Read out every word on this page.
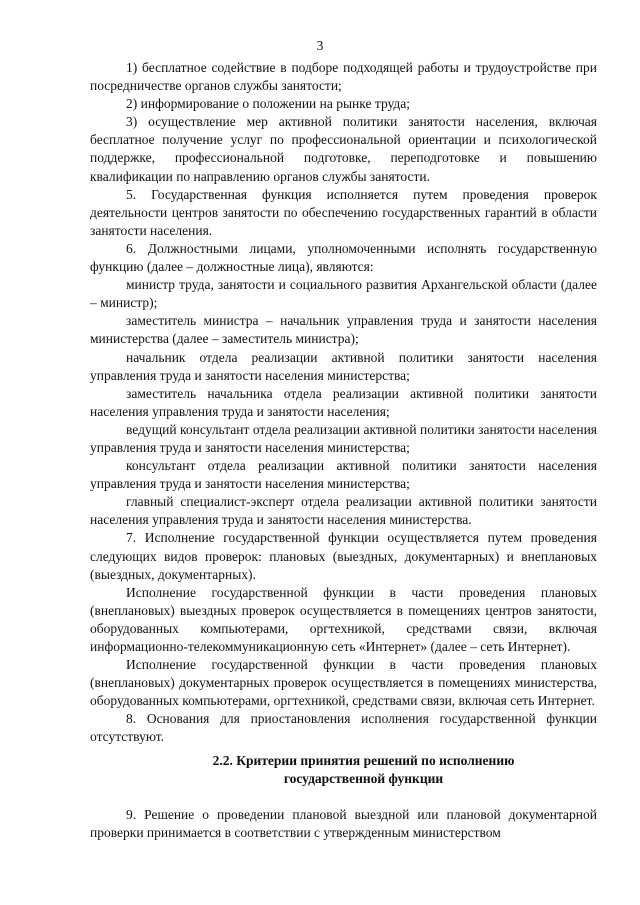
3

1) бесплатное содействие в подборе подходящей работы и трудоустройстве при посредничестве органов службы занятости;

2) информирование о положении на рынке труда;

3) осуществление мер активной политики занятости населения, включая бесплатное получение услуг по профессиональной ориентации и психологической поддержке, профессиональной подготовке, переподготовке и повышению квалификации по направлению органов службы занятости.

5. Государственная функция исполняется путем проведения проверок деятельности центров занятости по обеспечению государственных гарантий в области занятости населения.

6. Должностными лицами, уполномоченными исполнять государственную функцию (далее – должностные лица), являются:

министр труда, занятости и социального развития Архангельской области (далее – министр);

заместитель министра – начальник управления труда и занятости населения министерства (далее – заместитель министра);

начальник отдела реализации активной политики занятости населения управления труда и занятости населения министерства;

заместитель начальника отдела реализации активной политики занятости населения управления труда и занятости населения;

ведущий консультант отдела реализации активной политики занятости населения управления труда и занятости населения министерства;

консультант отдела реализации активной политики занятости населения управления труда и занятости населения министерства;

главный специалист-эксперт отдела реализации активной политики занятости населения управления труда и занятости населения министерства.

7. Исполнение государственной функции осуществляется путем проведения следующих видов проверок: плановых (выездных, документарных) и внеплановых (выездных, документарных).

Исполнение государственной функции в части проведения плановых (внеплановых) выездных проверок осуществляется в помещениях центров занятости, оборудованных компьютерами, оргтехникой, средствами связи, включая информационно-телекоммуникационную сеть «Интернет» (далее – сеть Интернет).

Исполнение государственной функции в части проведения плановых (внеплановых) документарных проверок осуществляется в помещениях министерства, оборудованных компьютерами, оргтехникой, средствами связи, включая сеть Интернет.

8. Основания для приостановления исполнения государственной функции отсутствуют.

2.2. Критерии принятия решений по исполнению
государственной функции

9. Решение о проведении плановой выездной или плановой документарной проверки принимается в соответствии с утвержденным министерством
